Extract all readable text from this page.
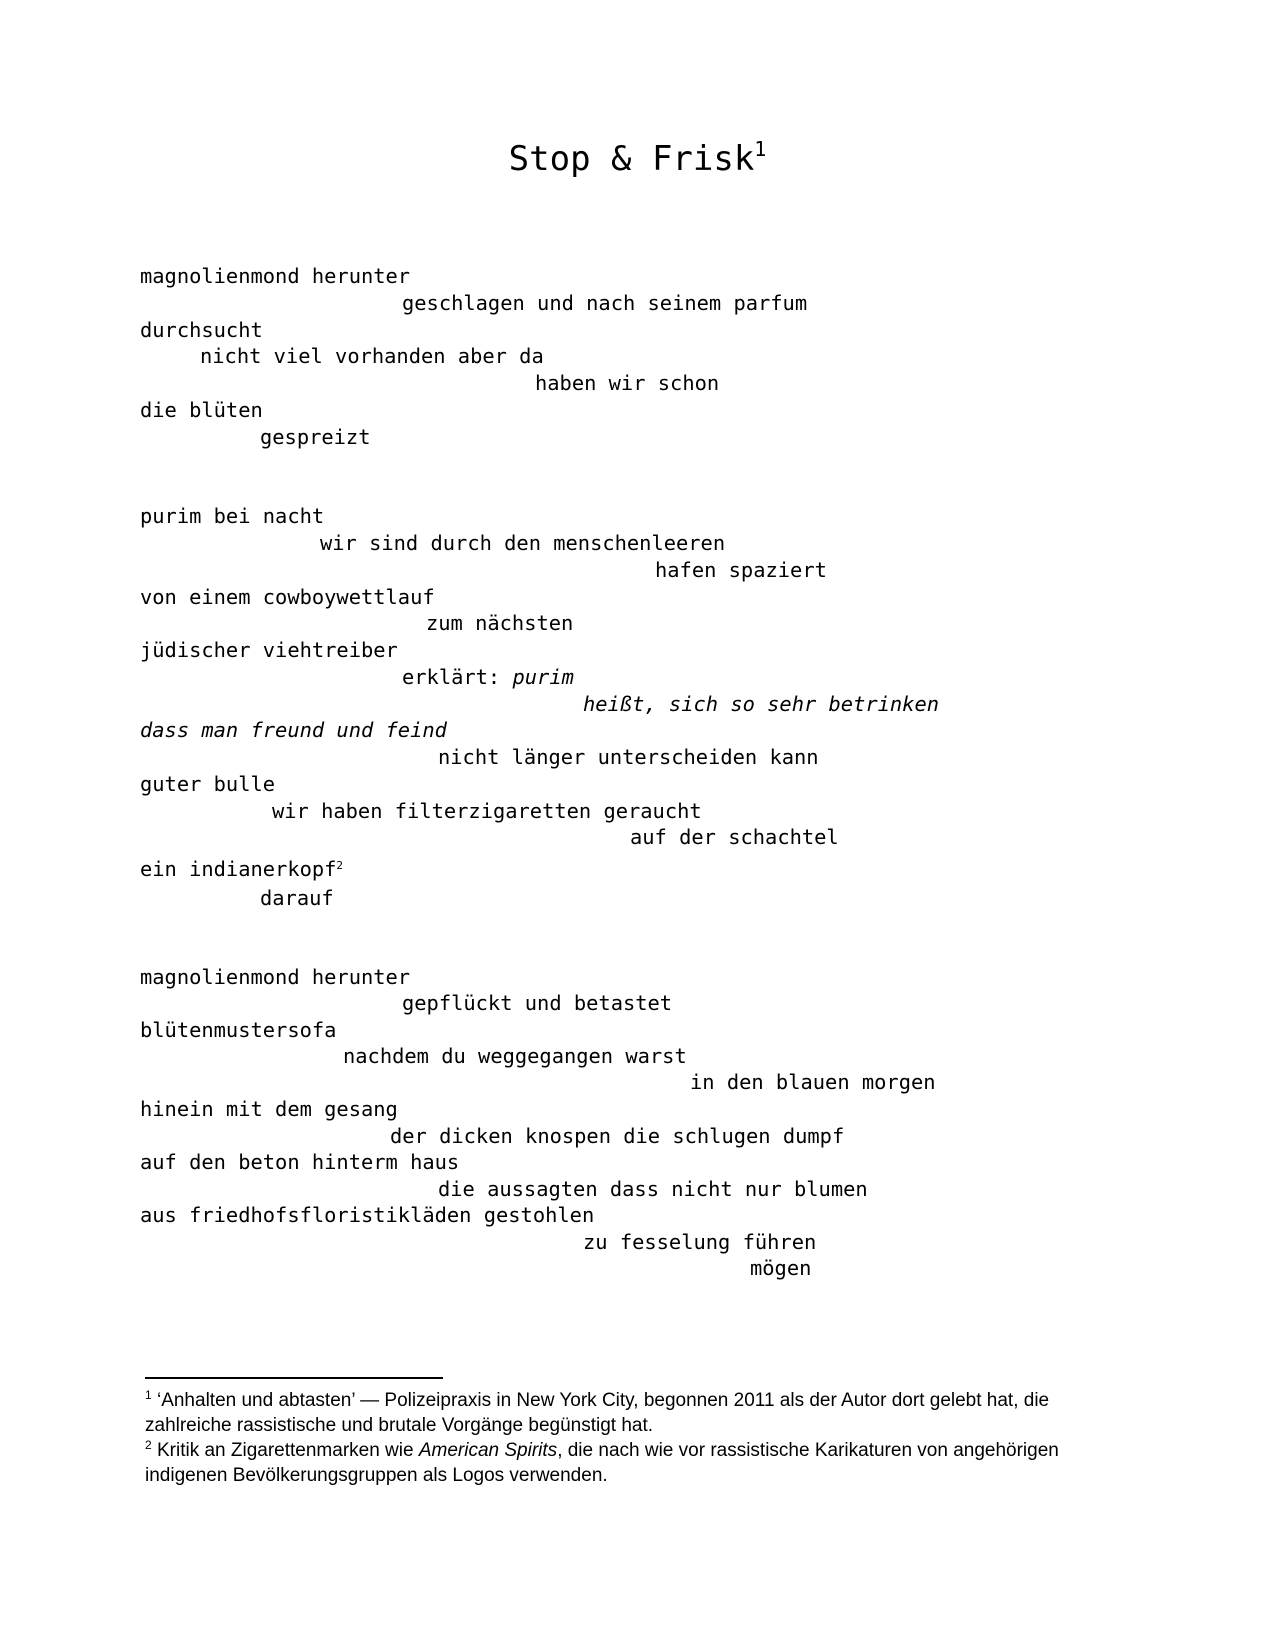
Stop & Frisk$^1$
magnolienmond herunter
geschlagen und nach seinem parfum
durchsucht
nicht viel vorhanden aber da
haben wir schon
die blüten
gespreizt
purim bei nacht
wir sind durch den menschenleeren
hafen spaziert
von einem cowboywettlauf
zum nächsten
jüdischer viehtreiber
erklärt: purim
heißt, sich so sehr betrinken
dass man freund und feind
nicht länger unterscheiden kann
guter bulle
wir haben filterzigaretten geraucht
auf der schachtel
ein indianerkopf$^2$
darauf
magnolienmond herunter
gepflückt und betastet
blütenmustersofa
nachdem du weggegangen warst
in den blauen morgen
hinein mit dem gesang
der dicken knospen die schlugen dumpf
auf den beton hinterm haus
die aussagten dass nicht nur blumen
aus friedhofsfloristikläden gestohlen
zu fesselung führen
mögen

$^1$ ‘Anhalten und abtasten’ — Polizeipraxis in New York City, begonnen 2011 als der Autor dort gelebt hat, die zahlreiche rassistische und brutale Vorgänge begünstigt hat.

$^2$ Kritik an Zigarettenmarken wie American Spirits, die nach wie vor rassistische Karikaturen von angehörigen indigenen Bevölkerungsgruppen als Logos verwenden.
